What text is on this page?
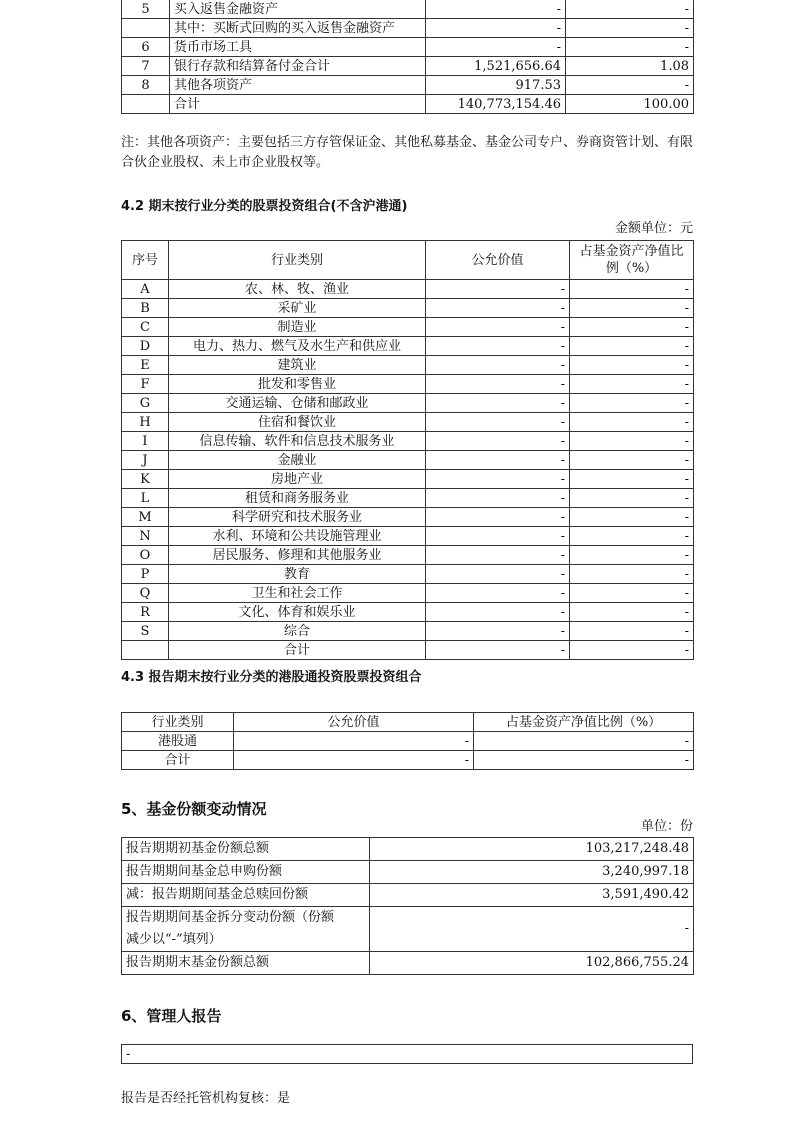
5	买入返售金融资产	-	-
	其中：买断式回购的买入返售金融资产	-	-
6	货币市场工具	-	-
7	银行存款和结算备付金合计	1,521,656.64	1.08
8	其他各项资产	917.53	-
	合计	140,773,154.46	100.00

注：其他各项资产：主要包括三方存管保证金、其他私募基金、基金公司专户、券商资管计划、有限合伙企业股权、未上市企业股权等。

4.2 期末按行业分类的股票投资组合(不含沪港通)

金额单位：元
序号	行业类别	公允价值	占基金资产净值比例（%）
A	农、林、牧、渔业	-	-
B	采矿业	-	-
C	制造业	-	-
D	电力、热力、燃气及水生产和供应业	-	-
E	建筑业	-	-
F	批发和零售业	-	-
G	交通运输、仓储和邮政业	-	-
H	住宿和餐饮业	-	-
I	信息传输、软件和信息技术服务业	-	-
J	金融业	-	-
K	房地产业	-	-
L	租赁和商务服务业	-	-
M	科学研究和技术服务业	-	-
N	水利、环境和公共设施管理业	-	-
O	居民服务、修理和其他服务业	-	-
P	教育	-	-
Q	卫生和社会工作	-	-
R	文化、体育和娱乐业	-	-
S	综合	-	-
	合计	-	-

4.3 报告期末按行业分类的港股通投资股票投资组合

行业类别	公允价值	占基金资产净值比例（%）
港股通	-	-
合计	-	-

5、基金份额变动情况

单位：份
报告期期初基金份额总额	103,217,248.48
报告期期间基金总申购份额	3,240,997.18
减：报告期期间基金总赎回份额	3,591,490.42

报告期期间基金拆分变动份额（份额
减少以“-”填列）	-
报告期期末基金份额总额	102,866,755.24

6、管理人报告

-

报告是否经托管机构复核：是
